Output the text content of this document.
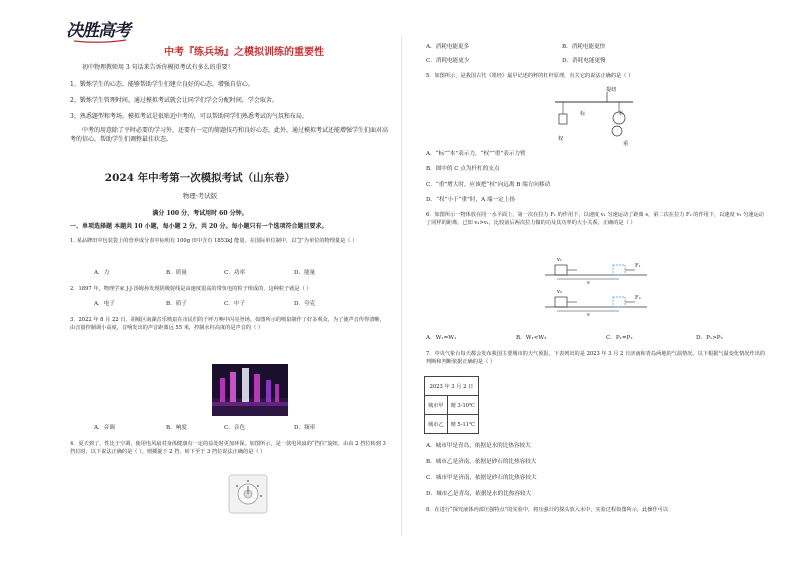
决胜高考
中考『练兵场』之模拟训练的重要性
初中物理教师用 3 句话来告诉你模拟考试有多么的重要！
1、锻炼学生的心态。能够帮助学生们建立良好的心态，增强自信心。
2、锻炼学生管理时间。通过模拟考试就会让同学们学会分配时间，学会取舍。
3、熟悉题型和考场。模拟考试是很贴近中考的，可以帮助同学们熟悉考试的气氛和布局。
中考的用意除了平时必要的学习外，还要有一定的简题技巧和良好心态。此外，通过模拟考试还能增强学生们面对高考的信心，帮助学生们调整最佳状态。
2024 年中考第一次模拟考试（山东卷）
物理·考试版
满分 100 分，考试用时 60 分钟。
一、单项选择题 本题共 10 小题，每小题 2 分，共 20 分。每小题只有一个选项符合题目要求。
1. 某品牌田中包装袋上的营养成分表中标明有 100g 田中含有 1853kJ 能量，在国际单位制中，以“J”为单位的物理量是（ ）
A．力	B．质量	C．功率	D．能量
2．1897 年，物理学家 J·J·汤姆孙发现阴极射线是由速度很高的带负电的粒子组成的，这种粒子就是（ ）
A．电子	B．质子	C．中子	D．夸克
3．2022 年 8 月 22 日，胡城区南湖音乐喷泉在市民们的千呼万唤中闪亮登场。如图所示的喷泉制作了好多观众，为了使声音传得清晰，由音量控制调小高度，音响发出的声音距离远 55 米，控制水柱高度的是声音的（ ）
A．音调	B．响度	C．音色	D．频率
4．夏天到了，性比于空调，使用电风扇对身体健康有一定的益处时更加环保。如图所示，是一款电风扇的“挡位”旋钮，由由 2 挡位转到 3 挡位时，以下说法正确的是（ ）。则插旋于 2 挡，转下至于 3 挡位说法正确的是（ ）
A．消耗电能更多	B．消耗电能更快
C．消耗电能更少	D．消耗电能更慢
5．如图所示，是我国古代《墨经》最早记述的秤的杠杆原理，有关它的说法正确的是（ ）
提纽
本
标
权
重
A．“标”“本”表示力，“权”“重”表示力臂
B．图中的 C 点为杆杠的支点
C．“重”增大时，应该把“权”向远离 B 端方向移动
D．“权”小于“重”时，A 端一定上扬
6．如图所示一物体放在同一水平面上，第一次在拉力 F₁ 的作用下，以速度 v₁ 匀速运动了距离 s，第二次在拉力 F₂ 的作用下，以速度 v₂ 匀速运动了同样的距离，已知 v₂>v₁，比较前后两次拉力做的功及其功率的大小关系，正确的是（ ）
v₁
F₁
s
v₂
F₂
s
A．W₁=W₂	B．W₁<W₂	C．P₁=P₂	D．P₁>P₂
7．中央气象台每天都会发布我国主要城市的天气预报，下表列出的是 2023 年 3 月 2 日济南和青岛两地的气温情况，以下根据气温变化情况作出的判断和判断依据正确的是（ ）
2023 年 3 月 2 日	
城市甲	晴 3-10℃
城市乙	晴 5-11℃
A．城市甲是青岛，依据是水的比热容较大
B．城市乙是济南，依据是砂石的比热容较大
C．城市甲是济南，依据是砂石的比热容较大
D．城市乙是青岛，依据是水的比热容较大
8．在进行“探究液体内部压强特点”的实验中，将压强计的探头放入水中，实验过程如图所示，此操作可以
